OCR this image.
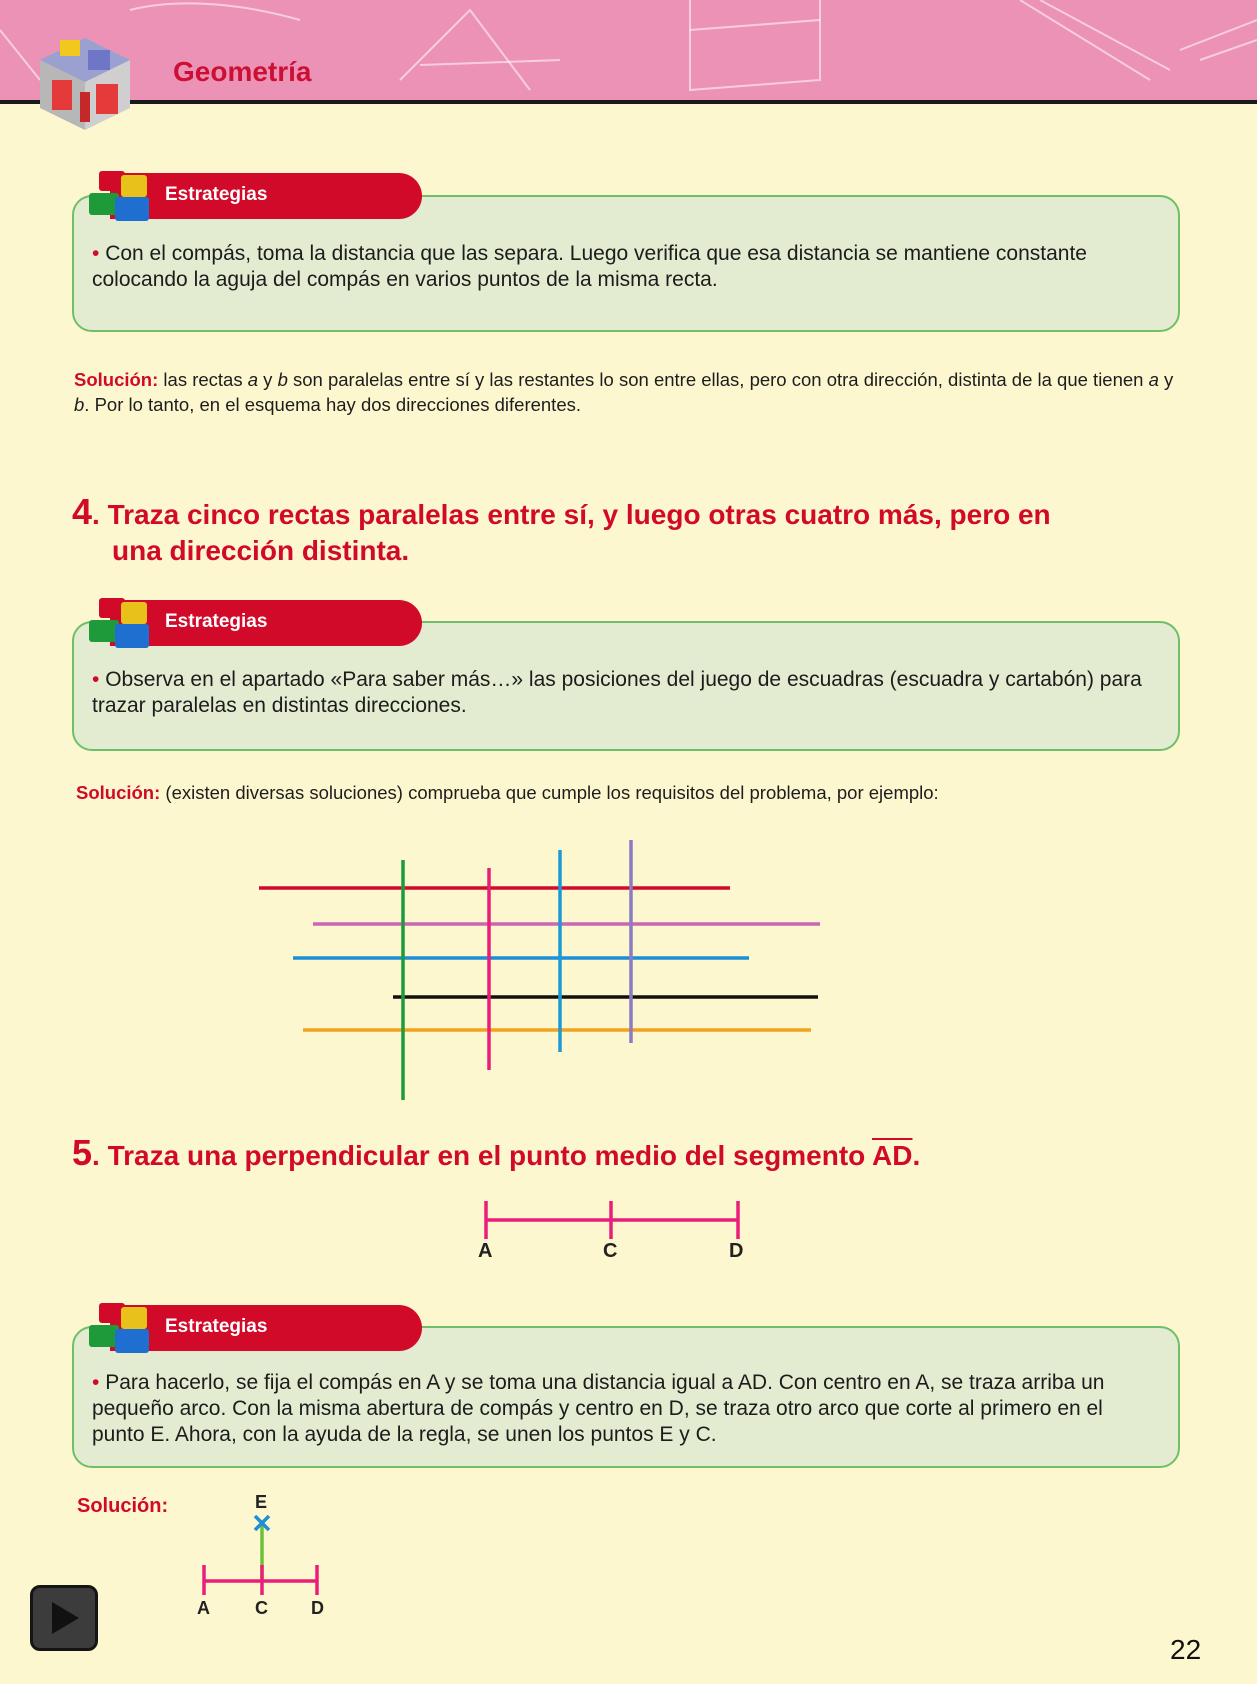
Geometría
• Con el compás, toma la distancia que las separa. Luego verifica que esa distancia se mantiene constante colocando la aguja del compás en varios puntos de la misma recta.
Estrategias
Solución: las rectas a y b son paralelas entre sí y las restantes lo son entre ellas, pero con otra dirección, distinta de la que tienen a y b. Por lo tanto, en el esquema hay dos direcciones diferentes.
4. Traza cinco rectas paralelas entre sí, y luego otras cuatro más, pero en
una dirección distinta.
• Observa en el apartado «Para saber más…» las posiciones del juego de escuadras (escuadra y cartabón) para trazar paralelas en distintas direcciones.
Estrategias
Solución: (existen diversas soluciones) comprueba que cumple los requisitos del problema, por ejemplo:
5. Traza una perpendicular en el punto medio del segmento $\overline{AD}$.
A	C	D
• Para hacerlo, se fija el compás en A y se toma una distancia igual a AD. Con centro en A, se traza arriba un pequeño arco. Con la misma abertura de compás y centro en D, se traza otro arco que corte al primero en el punto E. Ahora, con la ayuda de la regla, se unen los puntos E y C.
Estrategias
Solución:	E
A	C D
22
